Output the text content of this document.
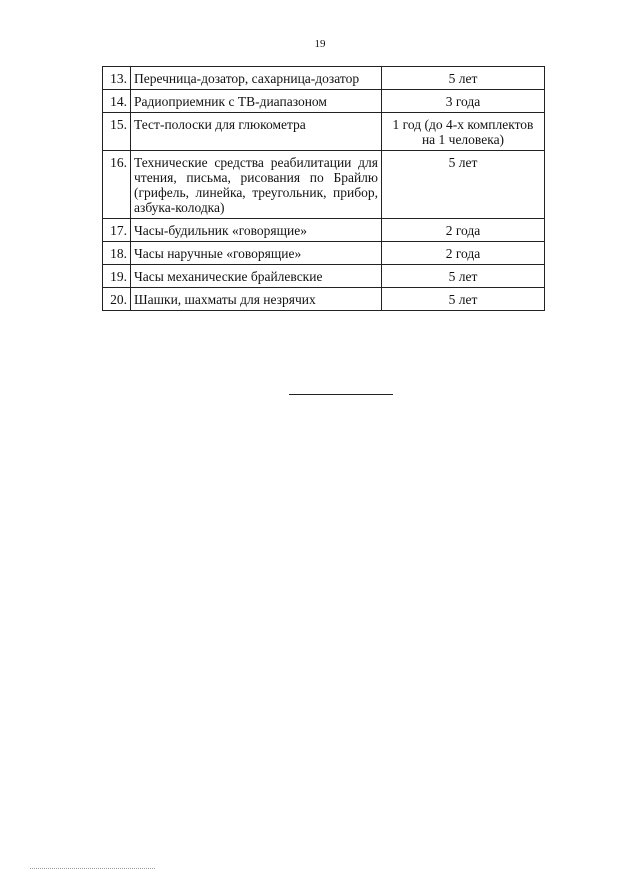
19
13.	Перечница-дозатор, сахарница-дозатор	5 лет
14.	Радиоприемник с ТВ-диапазоном	3 года
15.	Тест-полоски для глюкометра	1 год (до 4-х комплектов на 1 человека)
16.	Технические средства реабилитации для чтения, письма, рисования по Брайлю (грифель, линейка, треугольник, прибор, азбука-колодка)	5 лет
17.	Часы-будильник «говорящие»	2 года
18.	Часы наручные «говорящие»	2 года
19.	Часы механические брайлевские	5 лет
20.	Шашки, шахматы для незрячих	5 лет
